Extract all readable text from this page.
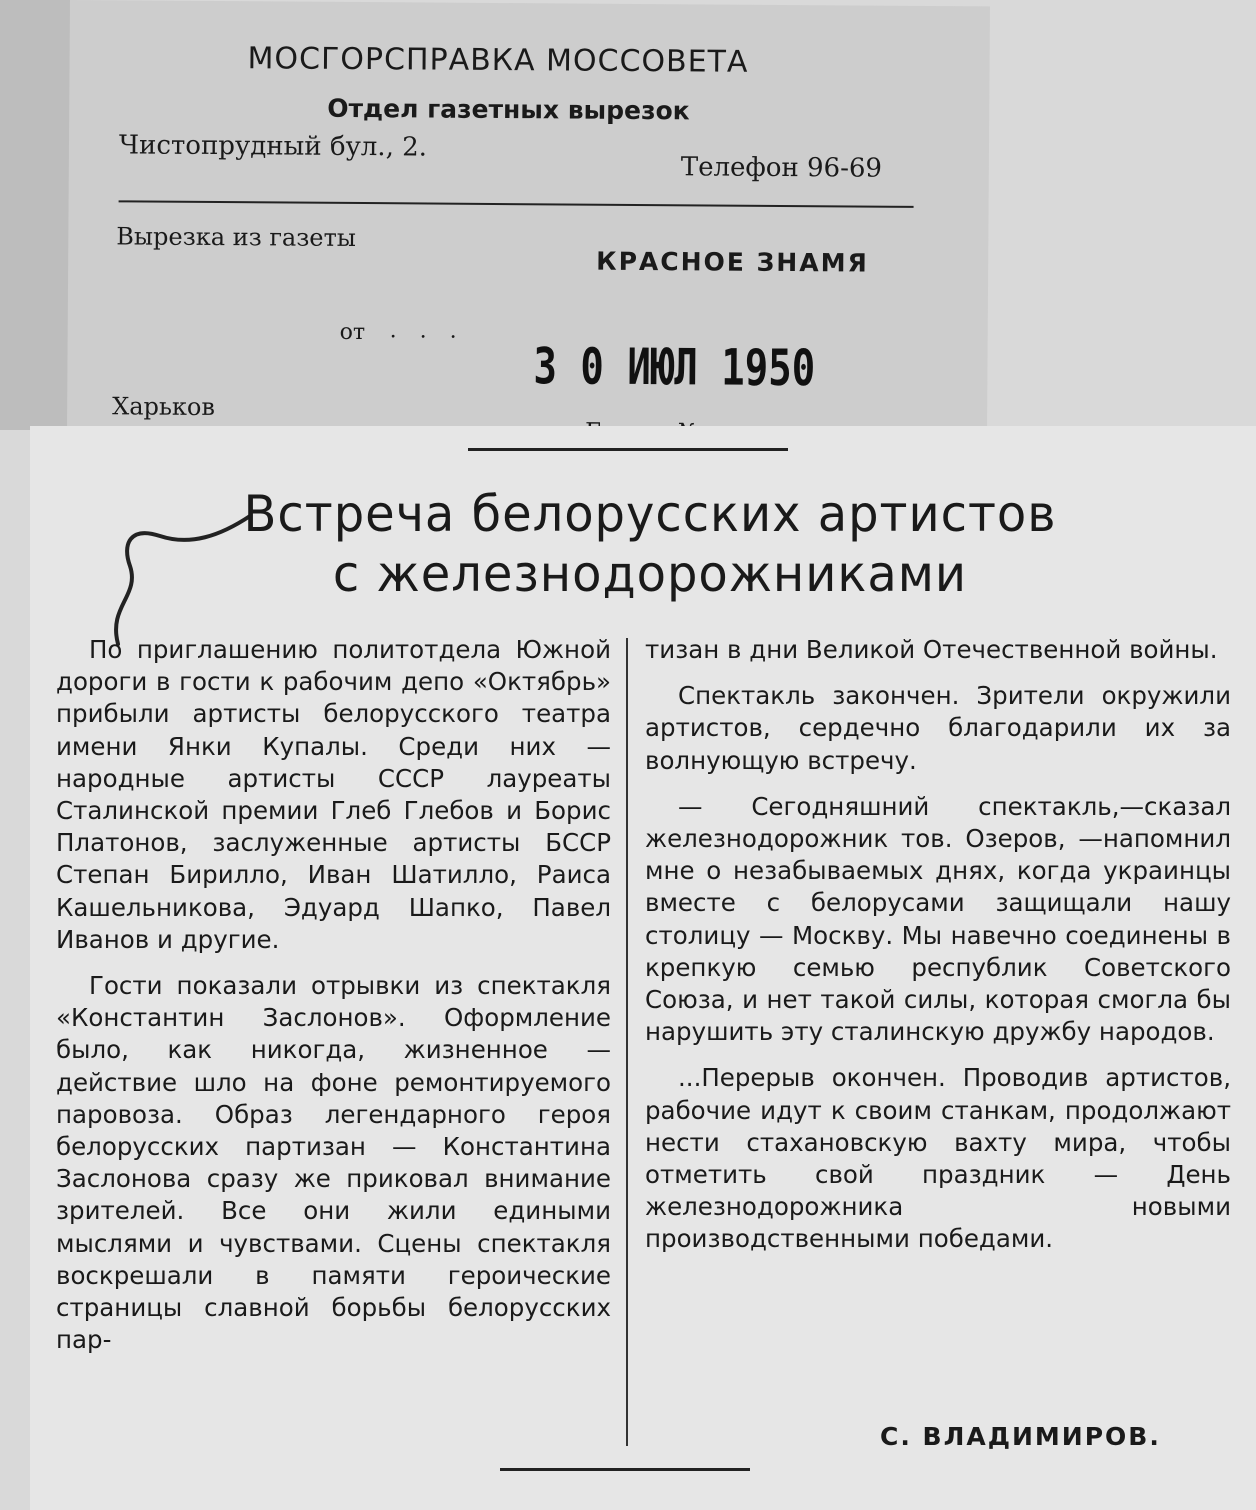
МОСГОРСПРАВКА МОССОВЕТА
Отдел газетных вырезок
Чистопрудный бул., 2.
Телефон 96-69
Вырезка из газеты
КРАСНОЕ ЗНАМЯ
от . . .
3 0 ИЮЛ 1950
Харьков
Встреча белорусских артистов
с железнодорожниками

По приглашению политотдела Южной дороги в гости к рабочим депо «Октябрь» прибыли артисты белорусского театра имени Янки Купалы. Среди них — народные артисты СССР лауреаты Сталинской премии Глеб Глебов и Борис Платонов, заслуженные артисты БССР Степан Бирилло, Иван Шатилло, Раиса Кашельникова, Эдуард Шапко, Павел Иванов и другие.

Гости показали отрывки из спектакля «Константин Заслонов». Оформление было, как никогда, жизненное — действие шло на фоне ремонтируемого паровоза. Образ легендарного героя белорусских партизан — Константина Заслонова сразу же приковал внимание зрителей. Все они жили едиными мыслями и чувствами. Сцены спектакля воскрешали в памяти героические страницы славной борьбы белорусских пар-

тизан в дни Великой Отечественной войны.

Спектакль закончен. Зрители окружили артистов, сердечно благодарили их за волнующую встречу.

— Сегодняшний спектакль,—сказал железнодорожник тов. Озеров, —напомнил мне о незабываемых днях, когда украинцы вместе с белорусами защищали нашу столицу — Москву. Мы навечно соединены в крепкую семью республик Советского Союза, и нет такой силы, которая смогла бы нарушить эту сталинскую дружбу народов.

...Перерыв окончен. Проводив артистов, рабочие идут к своим станкам, продолжают нести стахановскую вахту мира, чтобы отметить свой праздник — День железнодорожника новыми производственными победами.

С. ВЛАДИМИРОВ.
